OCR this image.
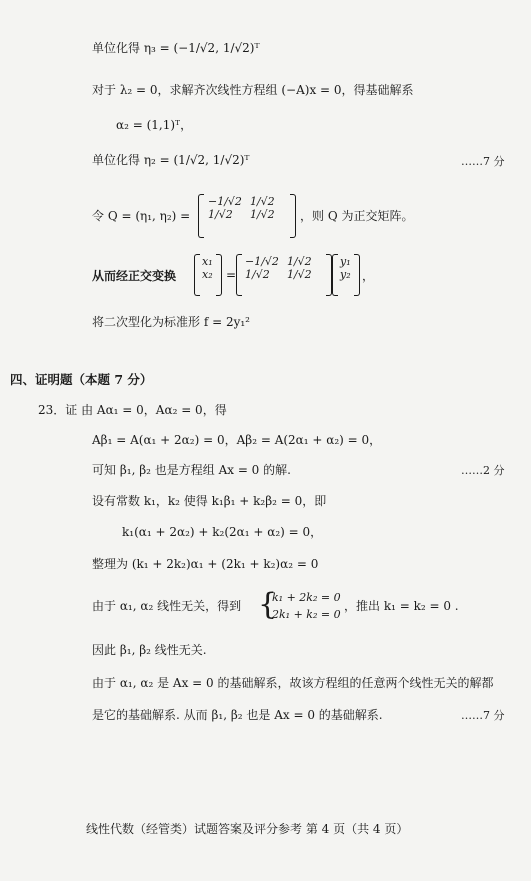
单位化得 η₃ = (−1/√2, 1/√2)ᵀ
对于 λ₂ = 0，求解齐次线性方程组 (−A)x = 0，得基础解系
α₂ = (1,1)ᵀ，
单位化得 η₂ = (1/√2, 1/√2)ᵀ	……7 分
令 Q = (η₁, η₂) =
−1/√2	1/√2
1/√2	1/√2 ，则 Q 为正交矩阵。
从而经正交变换
x₁
x₂ =
−1/√2	1/√2
1/√2	1/√2
y₁
y₂ ，
将二次型化为标准形 f = 2y₁²
四、证明题（本题 7 分）
23．证 由 Aα₁ = 0，Aα₂ = 0，得
Aβ₁ = A(α₁ + 2α₂) = 0，Aβ₂ = A(2α₁ + α₂) = 0，
可知 β₁, β₂ 也是方程组 Ax = 0 的解.	……2 分
设有常数 k₁，k₂ 使得 k₁β₁ + k₂β₂ = 0，即
k₁(α₁ + 2α₂) + k₂(2α₁ + α₂) = 0，
整理为 (k₁ + 2k₂)α₁ + (2k₁ + k₂)α₂ = 0
由于 α₁, α₂ 线性无关，得到 {
k₁ + 2k₂ = 0
2k₁ + k₂ = 0
，推出 k₁ = k₂ = 0 .
因此 β₁, β₂ 线性无关.
由于 α₁, α₂ 是 Ax = 0 的基础解系，故该方程组的任意两个线性无关的解都
是它的基础解系. 从而 β₁, β₂ 也是 Ax = 0 的基础解系.	……7 分
线性代数（经管类）试题答案及评分参考 第 4 页（共 4 页）
